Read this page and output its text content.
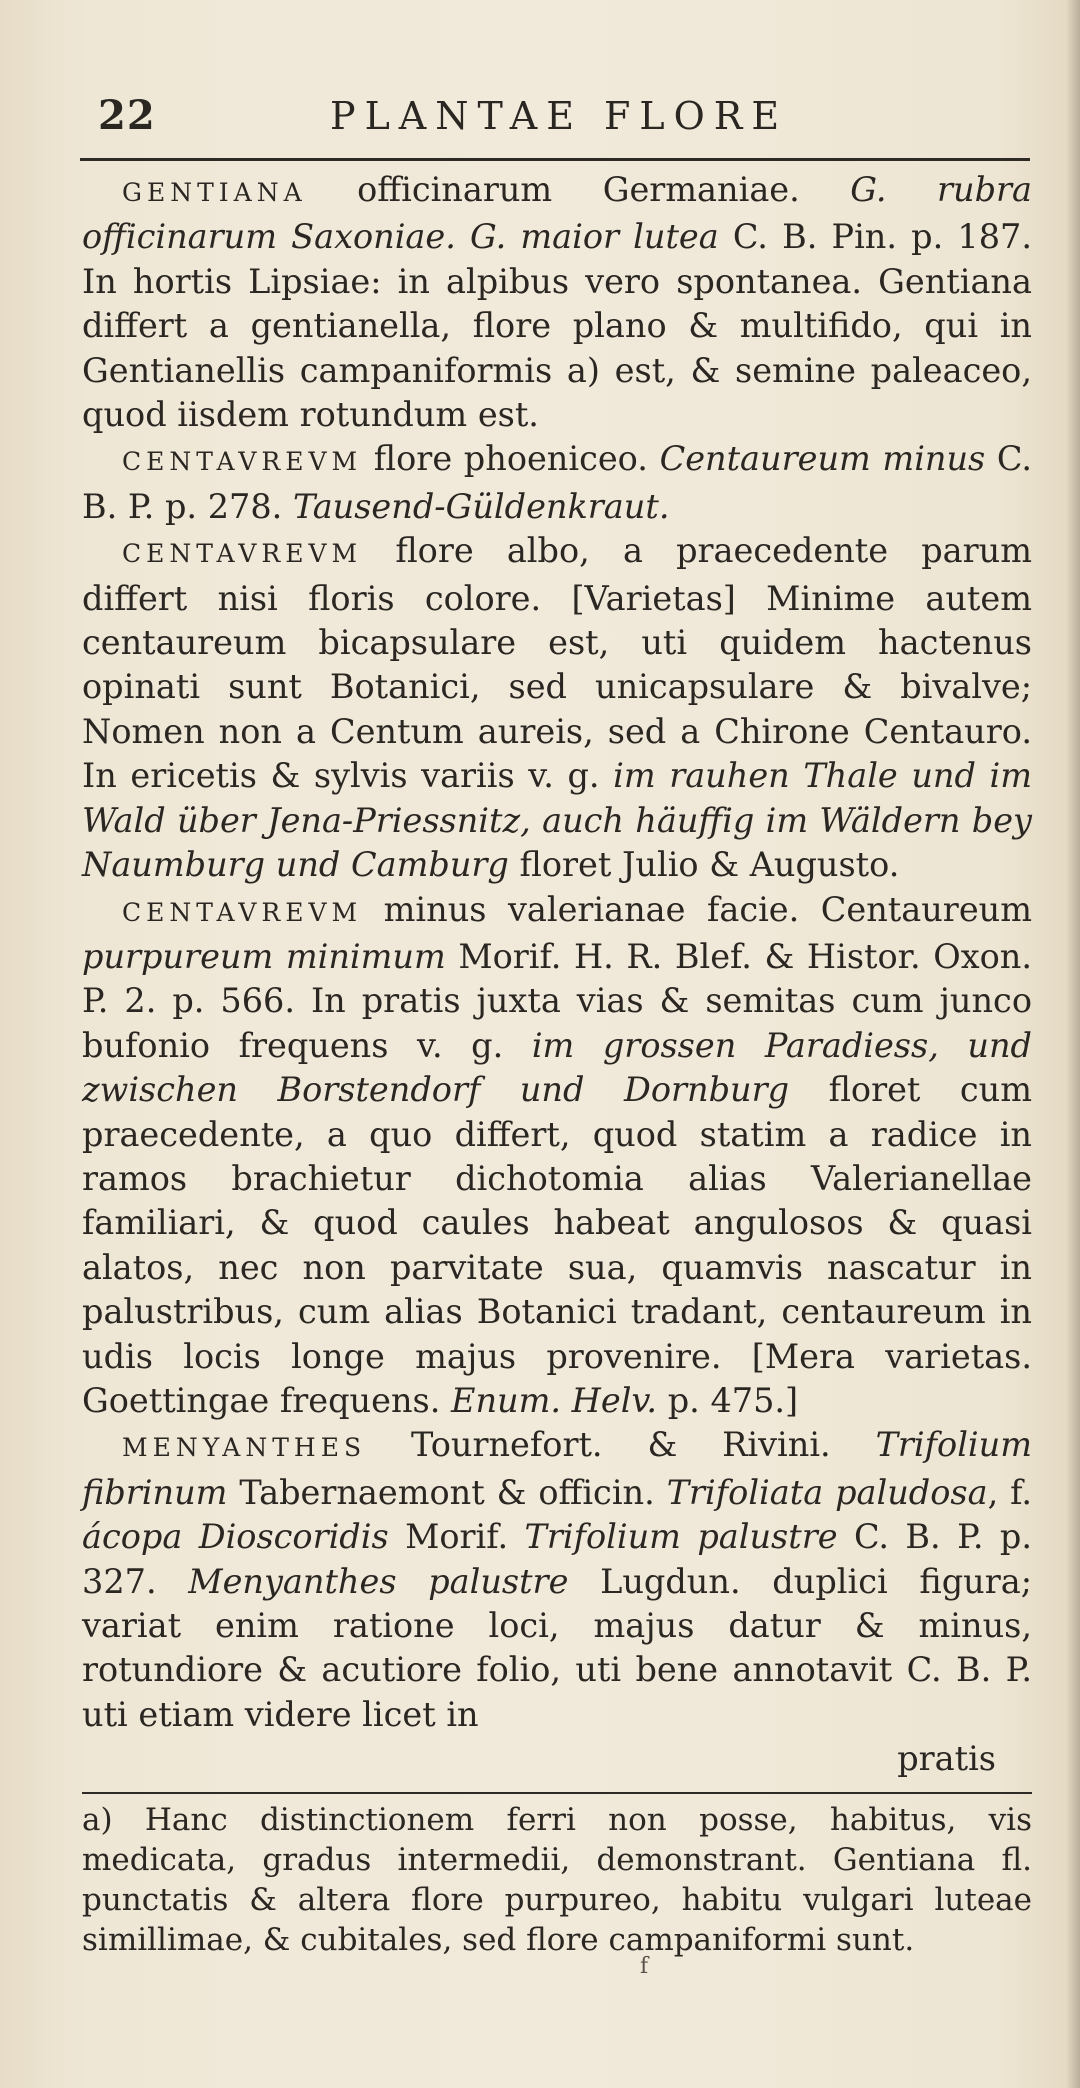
22	PLANTAE FLORE

GENTIANA officinarum Germaniae. G. rubra officinarum Saxoniae. G. maior lutea C. B. Pin. p. 187. In hortis Lipsiae: in alpibus vero spontanea. Gentiana differt a gentianella, flore plano & multifido, qui in Gentianellis campaniformis a) est, & semine paleaceo, quod iisdem rotundum est.

CENTAVREVM flore phoeniceo. Centaureum minus C. B. P. p. 278. Tausend-Güldenkraut.

CENTAVREVM flore albo, a praecedente parum differt nisi floris colore. [Varietas] Minime autem centaureum bicapsulare est, uti quidem hactenus opinati sunt Botanici, sed unicapsulare & bivalve; Nomen non a Centum aureis, sed a Chirone Centauro. In ericetis & sylvis variis v. g. im rauhen Thale und im Wald über Jena-Priessnitz, auch häuffig im Wäldern bey Naumburg und Camburg floret Julio & Augusto.

CENTAVREVM minus valerianae facie. Centaureum purpureum minimum Morif. H. R. Blef. & Histor. Oxon. P. 2. p. 566. In pratis juxta vias & semitas cum junco bufonio frequens v. g. im grossen Paradiess, und zwischen Borstendorf und Dornburg floret cum praecedente, a quo differt, quod statim a radice in ramos brachietur dichotomia alias Valerianellae familiari, & quod caules habeat angulosos & quasi alatos, nec non parvitate sua, quamvis nascatur in palustribus, cum alias Botanici tradant, centaureum in udis locis longe majus provenire. [Mera varietas. Goettingae frequens. Enum. Helv. p. 475.]

MENYANTHES Tournefort. & Rivini. Trifolium fibrinum Tabernaemont & officin. Trifoliata paludosa, f. ácopa Dioscoridis Morif. Trifolium palustre C. B. P. p. 327. Menyanthes palustre Lugdun. duplici figura; variat enim ratione loci, majus datur & minus, rotundiore & acutiore folio, uti bene annotavit C. B. P. uti etiam videre licet in

pratis

a) Hanc distinctionem ferri non posse, habitus, vis medicata, gradus intermedii, demonstrant. Gentiana fl. punctatis & altera flore purpureo, habitu vulgari luteae simillimae, & cubitales, sed flore campaniformi sunt.

f
